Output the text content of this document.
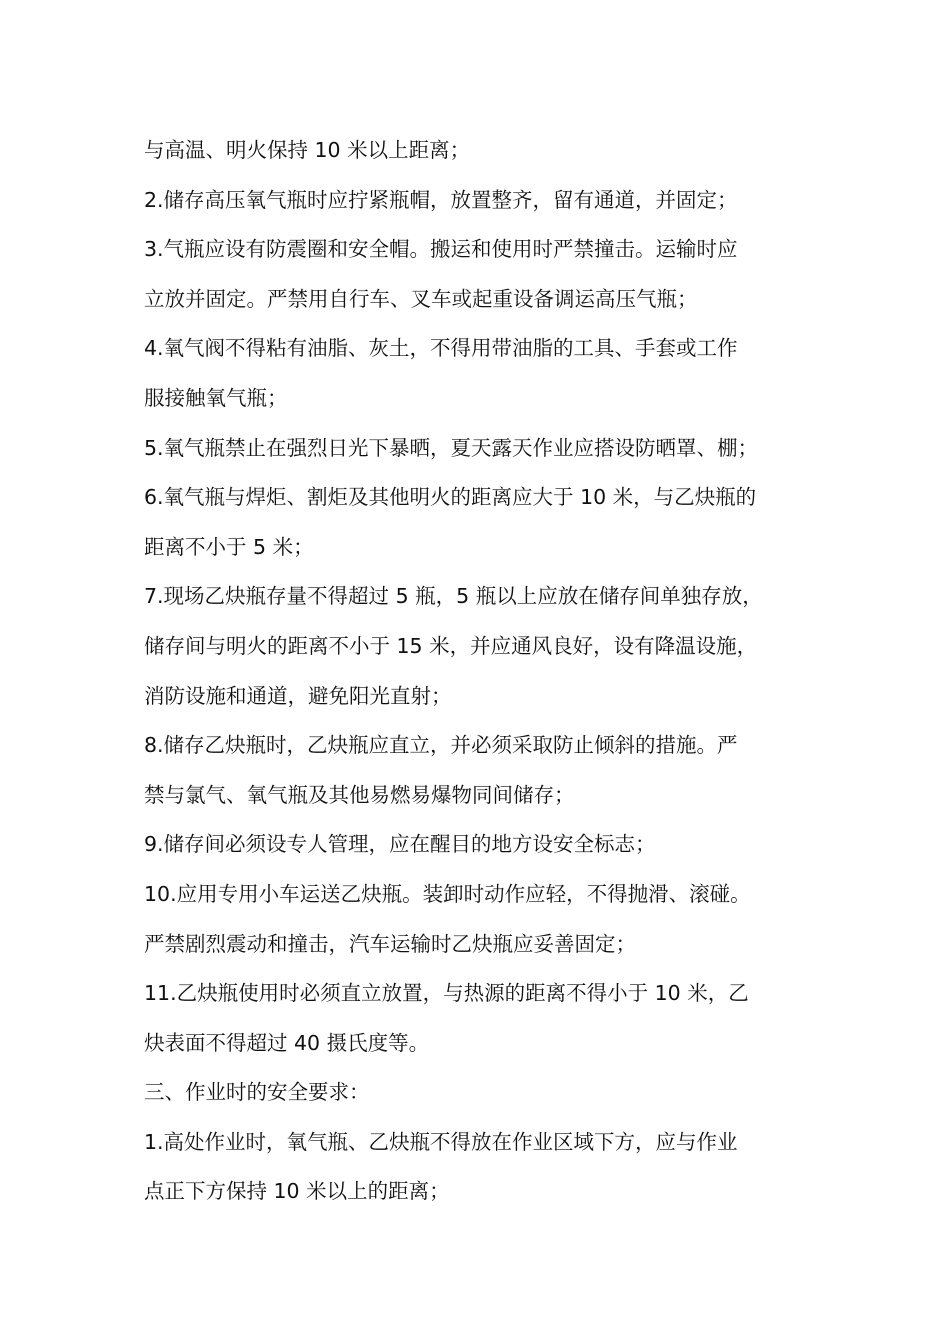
与高温、明火保持 10 米以上距离；
2.储存高压氧气瓶时应拧紧瓶帽，放置整齐，留有通道，并固定；
3.气瓶应设有防震圈和安全帽。搬运和使用时严禁撞击。运输时应
立放并固定。严禁用自行车、叉车或起重设备调运高压气瓶；
4.氧气阀不得粘有油脂、灰土，不得用带油脂的工具、手套或工作
服接触氧气瓶；
5.氧气瓶禁止在强烈日光下暴晒，夏天露天作业应搭设防晒罩、棚；
6.氧气瓶与焊炬、割炬及其他明火的距离应大于 10 米，与乙炔瓶的
距离不小于 5 米；
7.现场乙炔瓶存量不得超过 5 瓶，5 瓶以上应放在储存间单独存放，
储存间与明火的距离不小于 15 米，并应通风良好，设有降温设施，
消防设施和通道，避免阳光直射；
8.储存乙炔瓶时，乙炔瓶应直立，并必须采取防止倾斜的措施。严
禁与氯气、氧气瓶及其他易燃易爆物同间储存；
9.储存间必须设专人管理，应在醒目的地方设安全标志；
10.应用专用小车运送乙炔瓶。装卸时动作应轻，不得抛滑、滚碰。
严禁剧烈震动和撞击，汽车运输时乙炔瓶应妥善固定；
11.乙炔瓶使用时必须直立放置，与热源的距离不得小于 10 米，乙
炔表面不得超过 40 摄氏度等。
三、作业时的安全要求：
1.高处作业时，氧气瓶、乙炔瓶不得放在作业区域下方，应与作业
点正下方保持 10 米以上的距离；
